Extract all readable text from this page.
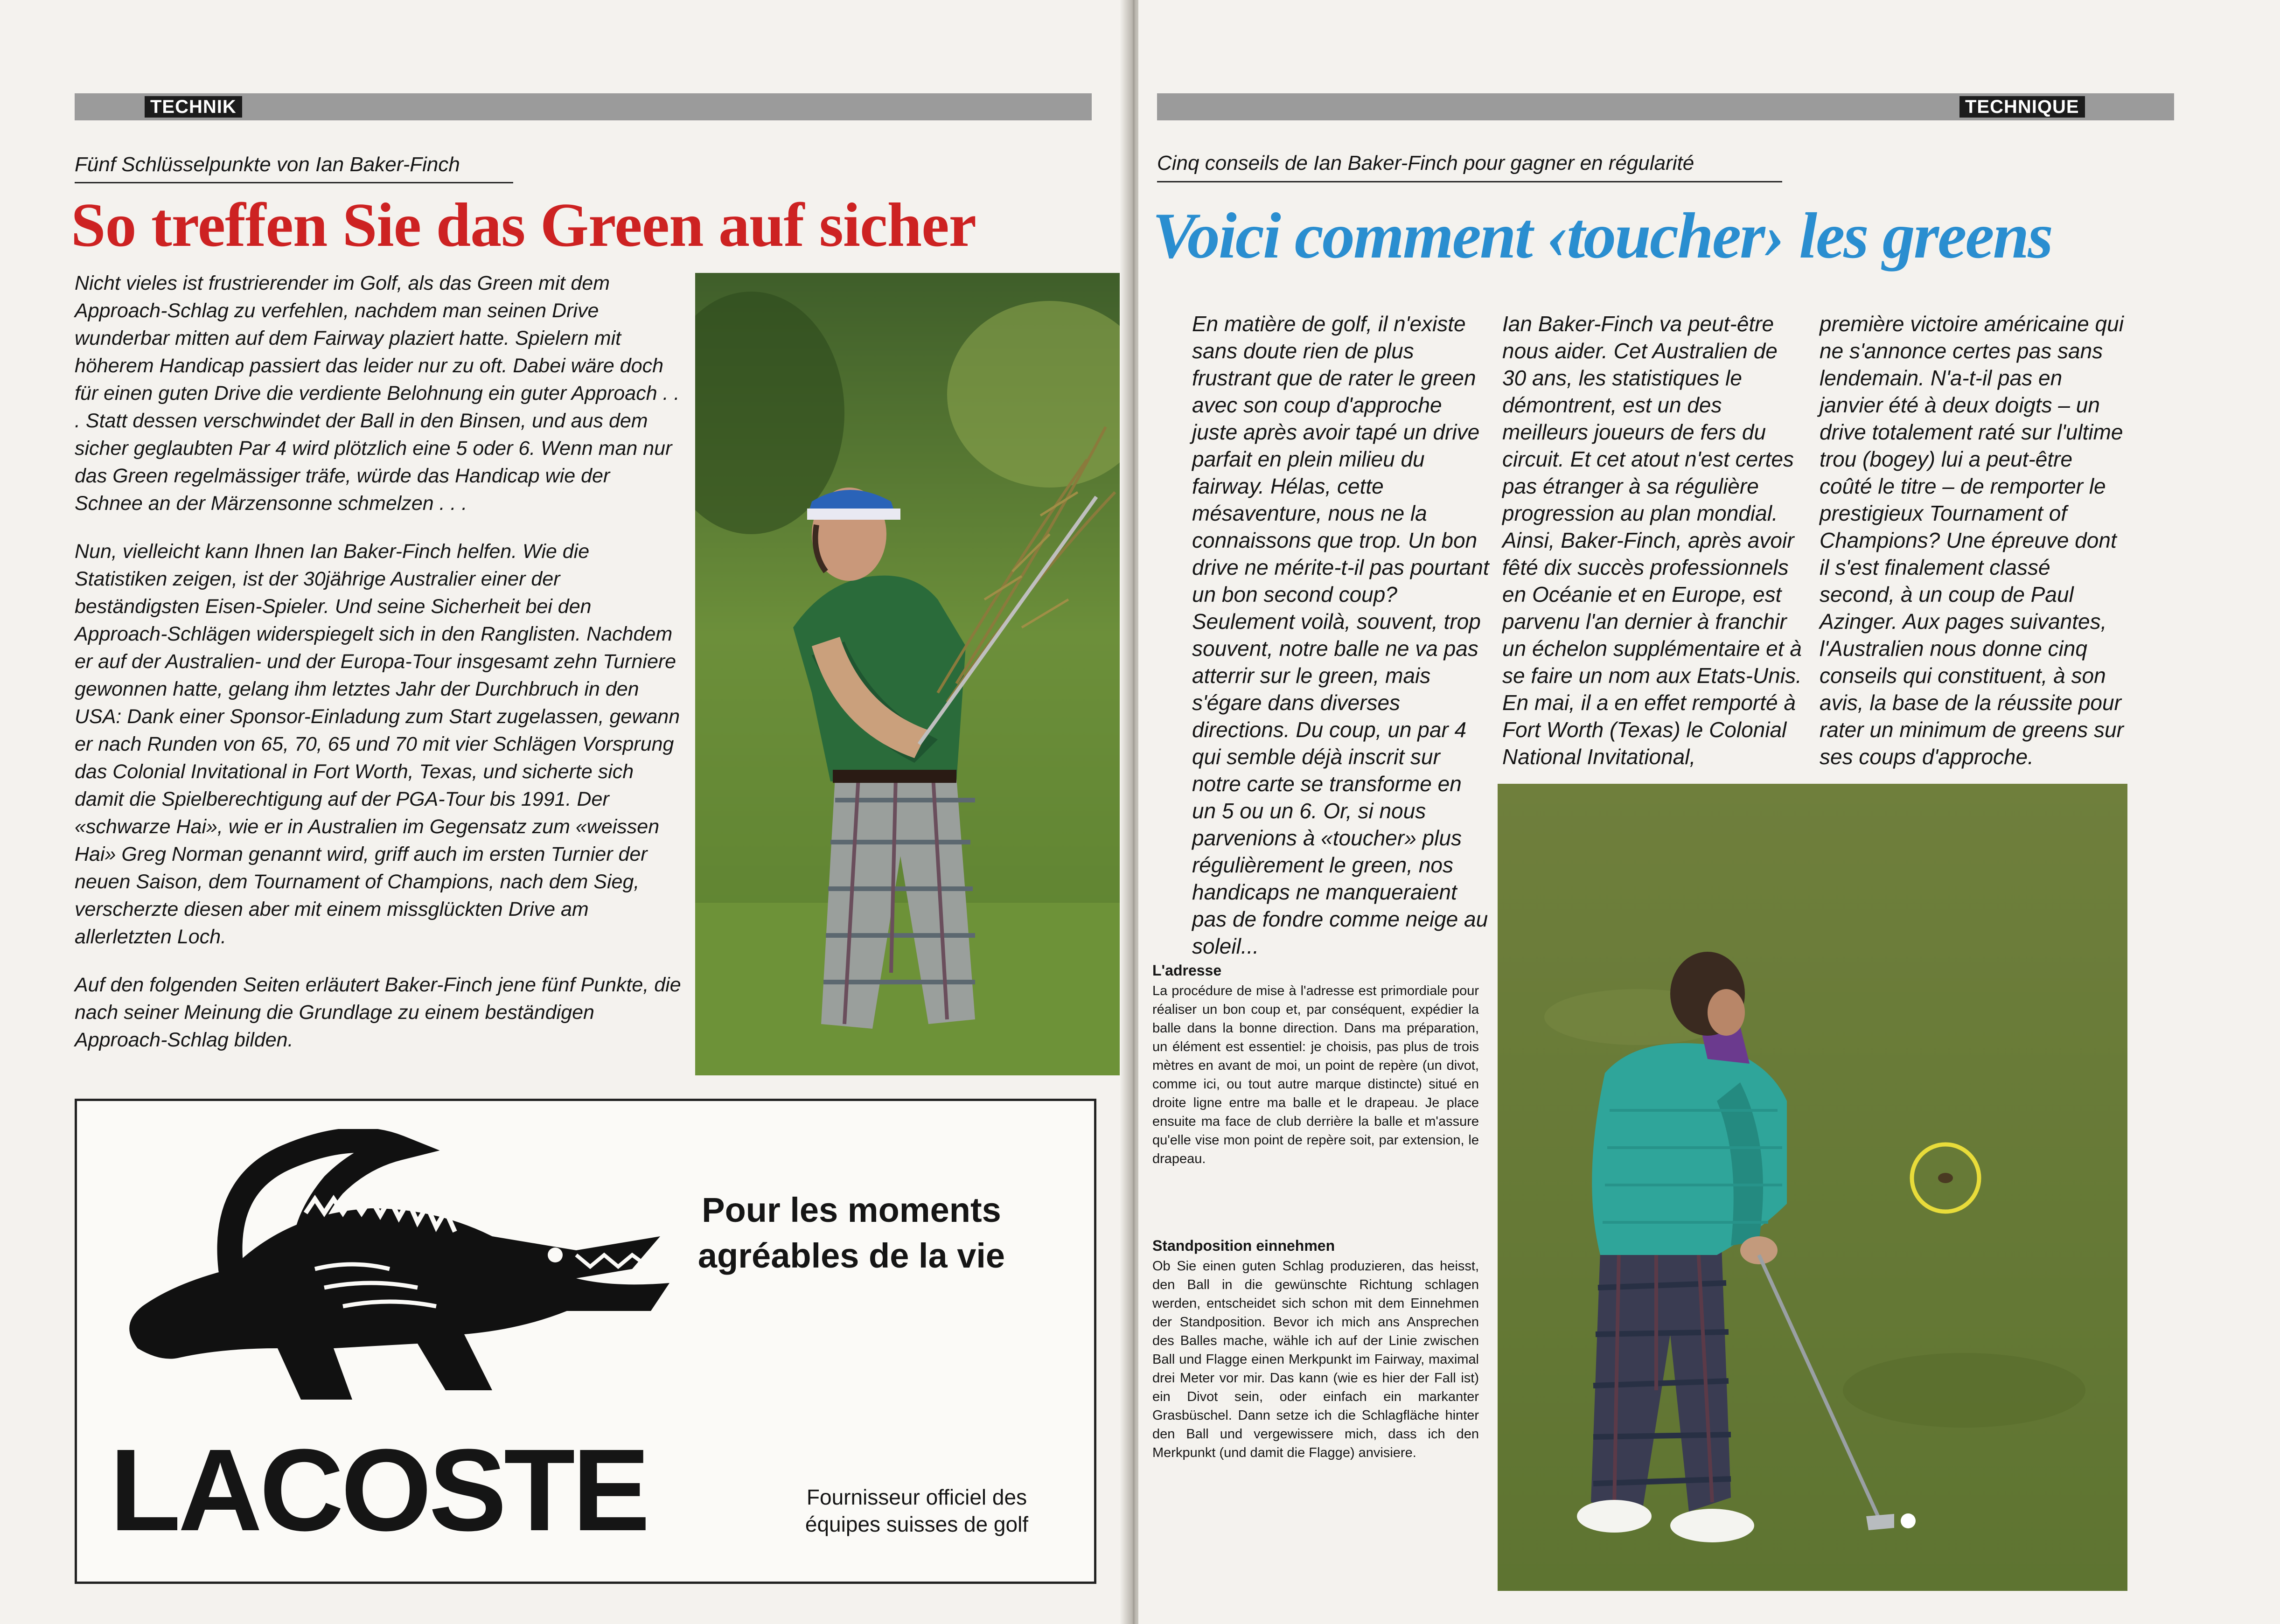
TECHNIK
Fünf Schlüsselpunkte von Ian Baker-Finch
So treffen Sie das Green auf sicher

Nicht vieles ist frustrierender im Golf, als das Green mit dem Approach-Schlag zu verfehlen, nachdem man seinen Drive wunderbar mitten auf dem Fairway plaziert hatte. Spielern mit höherem Handicap passiert das leider nur zu oft. Dabei wäre doch für einen guten Drive die verdiente Belohnung ein guter Approach . . . Statt dessen verschwindet der Ball in den Binsen, und aus dem sicher geglaubten Par 4 wird plötzlich eine 5 oder 6. Wenn man nur das Green regelmässiger träfe, würde das Handicap wie der Schnee an der Märzensonne schmelzen . . .

Nun, vielleicht kann Ihnen Ian Baker-Finch helfen. Wie die Statistiken zeigen, ist der 30jährige Australier einer der beständigsten Eisen-Spieler. Und seine Sicherheit bei den Approach-Schlägen widerspiegelt sich in den Ranglisten. Nachdem er auf der Australien- und der Europa-Tour insgesamt zehn Turniere gewonnen hatte, gelang ihm letztes Jahr der Durchbruch in den USA: Dank einer Sponsor-Einladung zum Start zugelassen, gewann er nach Runden von 65, 70, 65 und 70 mit vier Schlägen Vorsprung das Colonial Invitational in Fort Worth, Texas, und sicherte sich damit die Spielberechtigung auf der PGA-Tour bis 1991. Der «schwarze Hai», wie er in Australien im Gegensatz zum «weissen Hai» Greg Norman genannt wird, griff auch im ersten Turnier der neuen Saison, dem Tournament of Champions, nach dem Sieg, verscherzte diesen aber mit einem missglückten Drive am allerletzten Loch.

Auf den folgenden Seiten erläutert Baker-Finch jene fünf Punkte, die nach seiner Meinung die Grundlage zu einem beständigen Approach-Schlag bilden.

Pour les moments
agréables de la vie
LACOSTE	Fournisseur officiel des
équipes suisses de golf
TECHNIQUE
Cinq conseils de Ian Baker-Finch pour gagner en régularité
Voici comment ‹toucher› les greens
En matière de golf, il n'existe sans doute rien de plus frustrant que de rater le green avec son coup d'approche juste après avoir tapé un drive parfait en plein milieu du fairway. Hélas, cette mésaventure, nous ne la connaissons que trop. Un bon drive ne mérite-t-il pas pourtant un bon second coup? Seulement voilà, souvent, trop souvent, notre balle ne va pas atterrir sur le green, mais s'égare dans diverses directions. Du coup, un par 4 qui semble déjà inscrit sur notre carte se transforme en un 5 ou un 6. Or, si nous parvenions à «toucher» plus régulièrement le green, nos handicaps ne manqueraient pas de fondre comme neige au soleil...
Ian Baker-Finch va peut-être nous aider. Cet Australien de 30 ans, les statistiques le démontrent, est un des meilleurs joueurs de fers du circuit. Et cet atout n'est certes pas étranger à sa régulière progression au plan mondial. Ainsi, Baker-Finch, après avoir fêté dix succès professionnels en Océanie et en Europe, est parvenu l'an dernier à franchir un échelon supplémentaire et à se faire un nom aux Etats-Unis. En mai, il a en effet remporté à Fort Worth (Texas) le Colonial National Invitational,
première victoire américaine qui ne s'annonce certes pas sans lendemain. N'a-t-il pas en janvier été à deux doigts – un drive totalement raté sur l'ultime trou (bogey) lui a peut-être coûté le titre – de remporter le prestigieux Tournament of Champions? Une épreuve dont il s'est finalement classé second, à un coup de Paul Azinger. Aux pages suivantes, l'Australien nous donne cinq conseils qui constituent, à son avis, la base de la réussite pour rater un minimum de greens sur ses coups d'approche.
L'adresse
La procédure de mise à l'adresse est primordiale pour réaliser un bon coup et, par conséquent, expédier la balle dans la bonne direction. Dans ma préparation, un élément est essentiel: je choisis, pas plus de trois mètres en avant de moi, un point de repère (un divot, comme ici, ou tout autre marque distincte) situé en droite ligne entre ma balle et le drapeau. Je place ensuite ma face de club derrière la balle et m'assure qu'elle vise mon point de repère soit, par extension, le drapeau.
Standposition einnehmen
Ob Sie einen guten Schlag produzieren, das heisst, den Ball in die gewünschte Richtung schlagen werden, entscheidet sich schon mit dem Einnehmen der Standposition. Bevor ich mich ans Ansprechen des Balles mache, wähle ich auf der Linie zwischen Ball und Flagge einen Merkpunkt im Fairway, maximal drei Meter vor mir. Das kann (wie es hier der Fall ist) ein Divot sein, oder einfach ein markanter Grasbüschel. Dann setze ich die Schlagfläche hinter den Ball und vergewissere mich, dass ich den Merkpunkt (und damit die Flagge) anvisiere.
